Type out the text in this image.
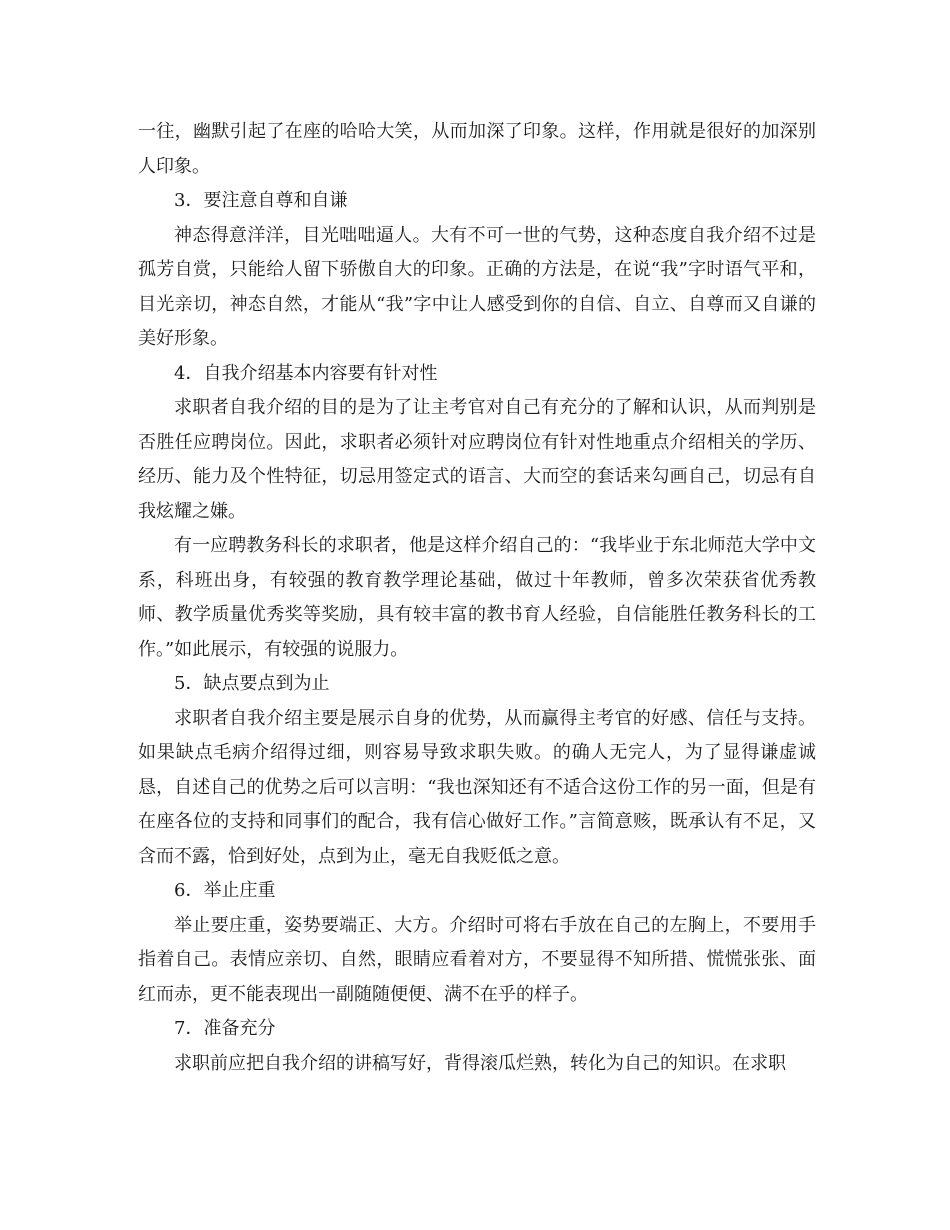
一往，幽默引起了在座的哈哈大笑，从而加深了印象。这样，作用就是很好的加深别人印象。

3．要注意自尊和自谦

神态得意洋洋，目光咄咄逼人。大有不可一世的气势，这种态度自我介绍不过是孤芳自赏，只能给人留下骄傲自大的印象。正确的方法是，在说“我”字时语气平和，目光亲切，神态自然，才能从“我”字中让人感受到你的自信、自立、自尊而又自谦的美好形象。

4．自我介绍基本内容要有针对性

求职者自我介绍的目的是为了让主考官对自己有充分的了解和认识，从而判别是否胜任应聘岗位。因此，求职者必须针对应聘岗位有针对性地重点介绍相关的学历、经历、能力及个性特征，切忌用签定式的语言、大而空的套话来勾画自己，切忌有自我炫耀之嫌。

有一应聘教务科长的求职者，他是这样介绍自己的：“我毕业于东北师范大学中文系，科班出身，有较强的教育教学理论基础，做过十年教师，曾多次荣获省优秀教师、教学质量优秀奖等奖励，具有较丰富的教书育人经验，自信能胜任教务科长的工作。”如此展示，有较强的说服力。

5．缺点要点到为止

求职者自我介绍主要是展示自身的优势，从而赢得主考官的好感、信任与支持。如果缺点毛病介绍得过细，则容易导致求职失败。的确人无完人，为了显得谦虚诚恳，自述自己的优势之后可以言明：“我也深知还有不适合这份工作的另一面，但是有在座各位的支持和同事们的配合，我有信心做好工作。”言简意赅，既承认有不足，又含而不露，恰到好处，点到为止，毫无自我贬低之意。

6．举止庄重

举止要庄重，姿势要端正、大方。介绍时可将右手放在自己的左胸上，不要用手指着自己。表情应亲切、自然，眼睛应看着对方，不要显得不知所措、慌慌张张、面红而赤，更不能表现出一副随随便便、满不在乎的样子。

7．准备充分

求职前应把自我介绍的讲稿写好，背得滚瓜烂熟，转化为自己的知识。在求职
